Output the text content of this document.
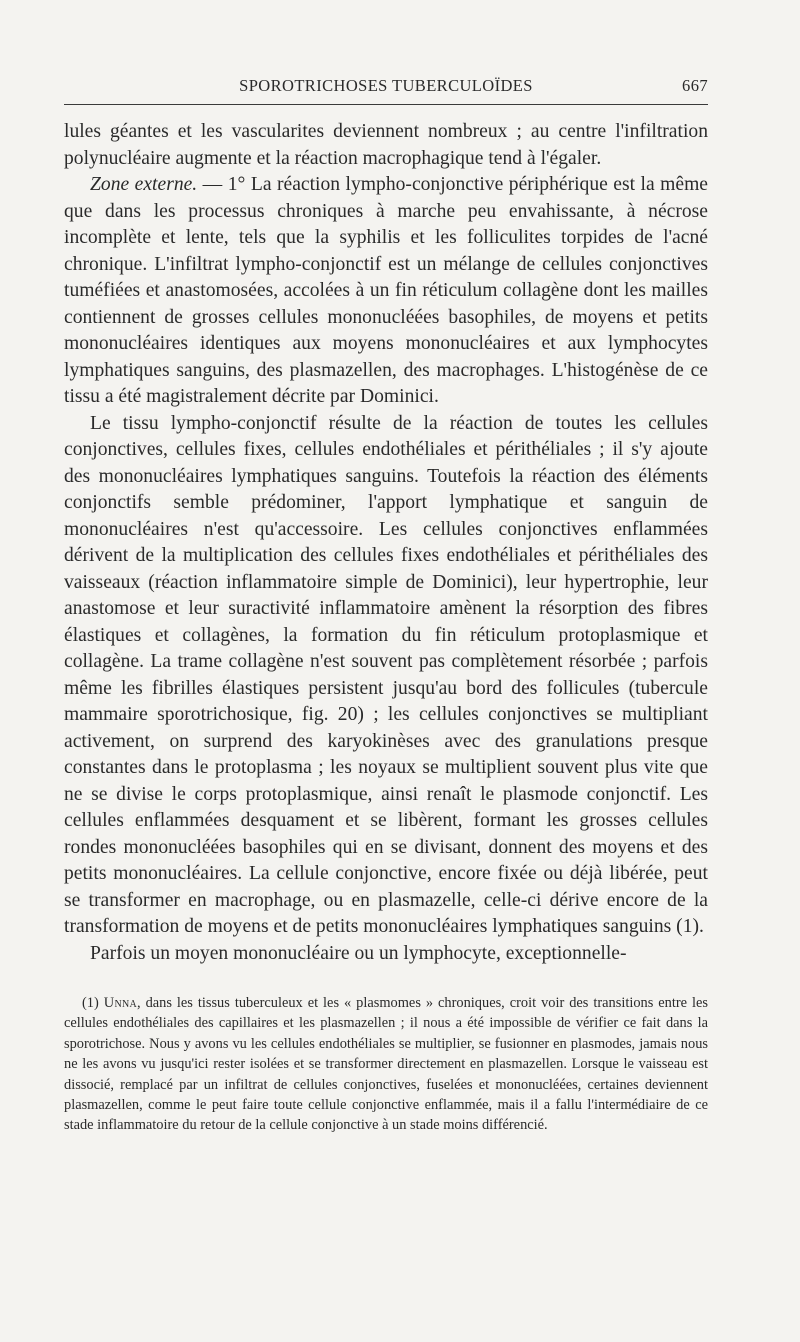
SPOROTRICHOSES TUBERCULOÏDES	667

lules géantes et les vascularites deviennent nombreux ; au centre l'infiltration polynucléaire augmente et la réaction macrophagique tend à l'égaler.

Zone externe. — 1° La réaction lympho-conjonctive périphérique est la même que dans les processus chroniques à marche peu envahissante, à nécrose incomplète et lente, tels que la syphilis et les folliculites torpides de l'acné chronique. L'infiltrat lympho-conjonctif est un mélange de cellules conjonctives tuméfiées et anastomosées, accolées à un fin réticulum collagène dont les mailles contiennent de grosses cellules mononucléées basophiles, de moyens et petits mononucléaires identiques aux moyens mononucléaires et aux lymphocytes lymphatiques sanguins, des plasmazellen, des macrophages. L'histogénèse de ce tissu a été magistralement décrite par Dominici.

Le tissu lympho-conjonctif résulte de la réaction de toutes les cellules conjonctives, cellules fixes, cellules endothéliales et périthéliales ; il s'y ajoute des mononucléaires lymphatiques sanguins. Toutefois la réaction des éléments conjonctifs semble prédominer, l'apport lymphatique et sanguin de mononucléaires n'est qu'accessoire. Les cellules conjonctives enflammées dérivent de la multiplication des cellules fixes endothéliales et périthéliales des vaisseaux (réaction inflammatoire simple de Dominici), leur hypertrophie, leur anastomose et leur suractivité inflammatoire amènent la résorption des fibres élastiques et collagènes, la formation du fin réticulum protoplasmique et collagène. La trame collagène n'est souvent pas complètement résorbée ; parfois même les fibrilles élastiques persistent jusqu'au bord des follicules (tubercule mammaire sporotrichosique, fig. 20) ; les cellules conjonctives se multipliant activement, on surprend des karyokinèses avec des granulations presque constantes dans le protoplasma ; les noyaux se multiplient souvent plus vite que ne se divise le corps protoplasmique, ainsi renaît le plasmode conjonctif. Les cellules enflammées desquament et se libèrent, formant les grosses cellules rondes mononucléées basophiles qui en se divisant, donnent des moyens et des petits mononucléaires. La cellule conjonctive, encore fixée ou déjà libérée, peut se transformer en macrophage, ou en plasmazelle, celle-ci dérive encore de la transformation de moyens et de petits mononucléaires lymphatiques sanguins (1).

Parfois un moyen mononucléaire ou un lymphocyte, exceptionnelle-

(1) Unna, dans les tissus tuberculeux et les « plasmomes » chroniques, croit voir des transitions entre les cellules endothéliales des capillaires et les plasmazellen ; il nous a été impossible de vérifier ce fait dans la sporotrichose. Nous y avons vu les cellules endothéliales se multiplier, se fusionner en plasmodes, jamais nous ne les avons vu jusqu'ici rester isolées et se transformer directement en plasmazellen. Lorsque le vaisseau est dissocié, remplacé par un infiltrat de cellules conjonctives, fuselées et mononucléées, certaines deviennent plasmazellen, comme le peut faire toute cellule conjonctive enflammée, mais il a fallu l'intermédiaire de ce stade inflammatoire du retour de la cellule conjonctive à un stade moins différencié.
